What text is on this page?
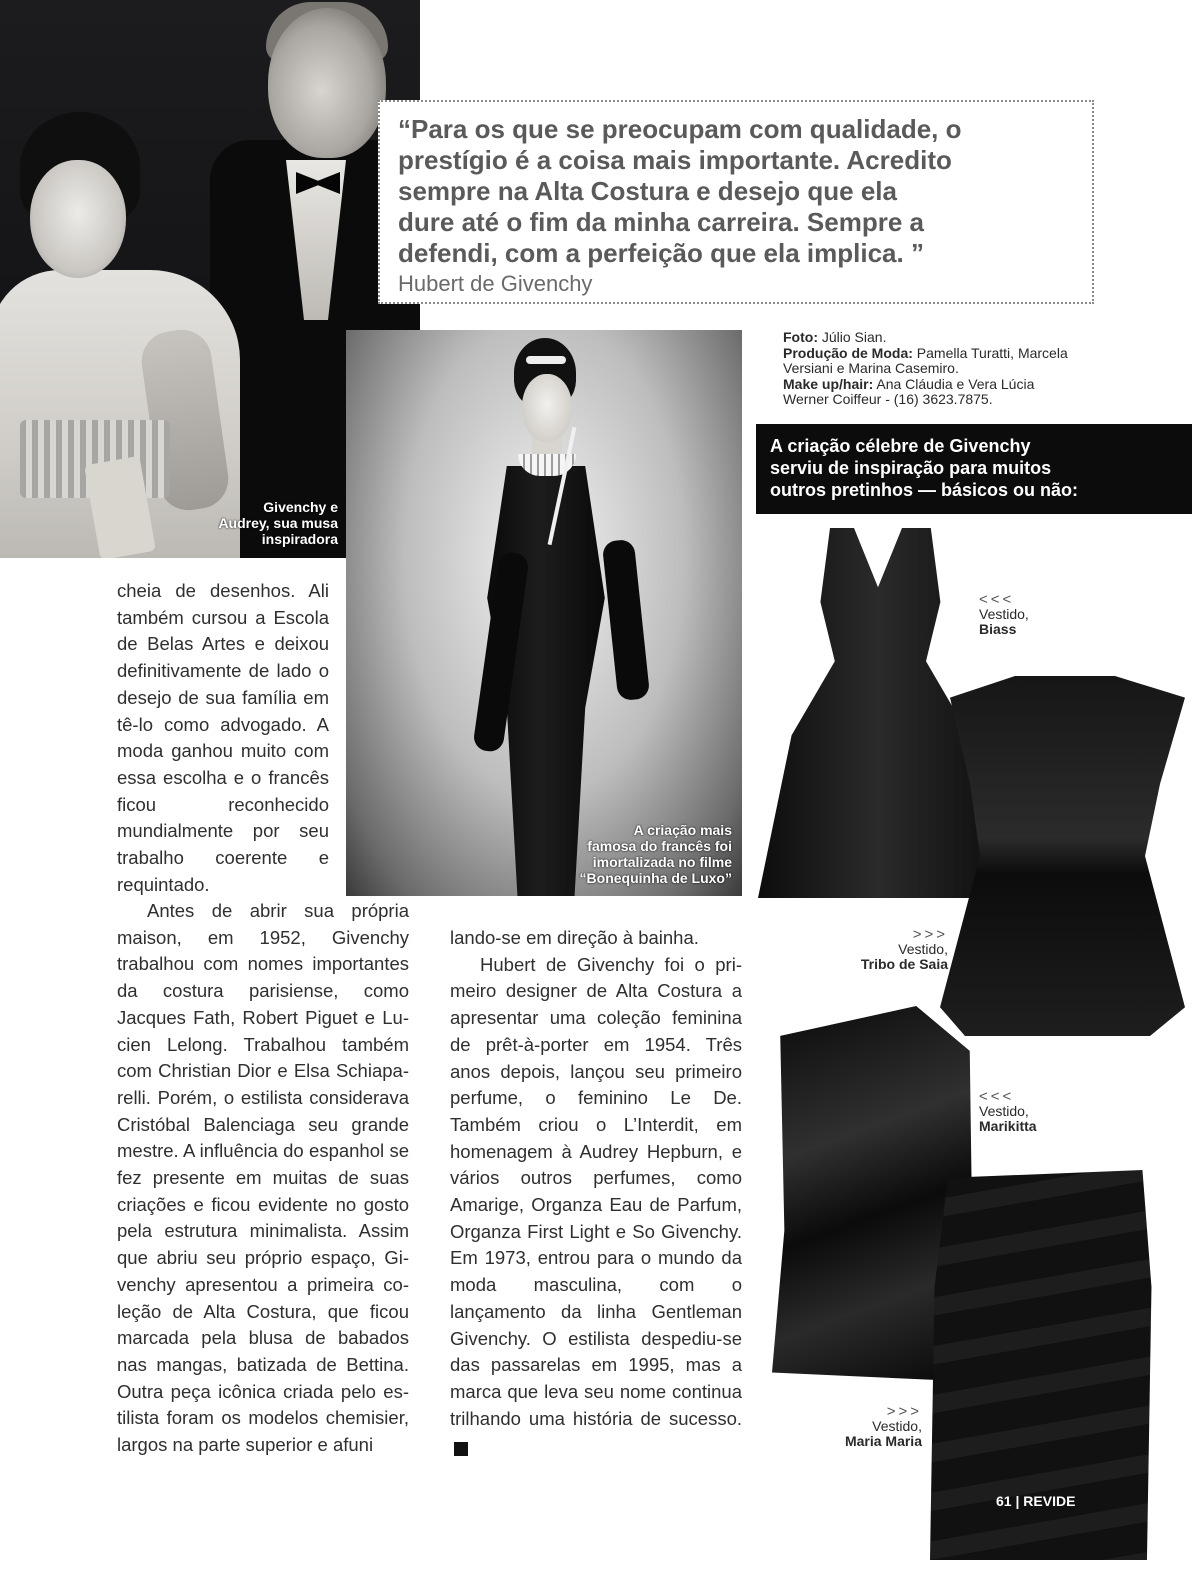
Givenchy e
Audrey, sua musa
inspiradora

“Para os que se preocupam com qualidade, o
prestígio é a coisa mais importante. Acredito
sempre na Alta Costura e desejo que ela
dure até o fim da minha carreira. Sempre a
defendi, com a perfeição que ela implica. ”

Hubert de Givenchy
A criação mais
famosa do francês foi
imortalizada no filme
“Bonequinha de Luxo”
Foto: Júlio Sian.
Produção de Moda: Pamella Turatti, Marcela Versiani e Marina Casemiro.
Make up/hair: Ana Cláudia e Vera Lúcia Werner Coiffeur - (16) 3623.7875.
A criação célebre de Givenchy
serviu de inspiração para muitos
outros pretinhos — básicos ou não:

cheia de desenhos. Ali também cursou a Escola de Belas Artes e deixou definitivamente de lado o desejo de sua família em tê-lo como advogado. A moda ganhou muito com essa escolha e o francês ficou reconhecido mundialmente por seu trabalho coerente e requintado.

Antes de abrir sua própria maison, em 1952, Givenchy trabalhou com nomes importantes da costura parisiense, como Jacques Fath, Robert Piguet e Lucien Lelong. Trabalhou também com Christian Dior e Elsa Schiaparelli. Porém, o estilista considerava Cristóbal Balenciaga seu grande mestre. A influência do espanhol se fez presente em muitas de suas criações e ficou evidente no gosto pela estrutura minimalista. Assim que abriu seu próprio espaço, Givenchy apresentou a primeira coleção de Alta Costura, que ficou marcada pela blusa de babados nas mangas, batizada de Bettina. Outra peça icônica criada pelo estilista foram os modelos chemisier, largos na parte superior e afuni

lando-se em direção à bainha.

Hubert de Givenchy foi o primeiro designer de Alta Costura a apresentar uma coleção feminina de prêt-à-porter em 1954. Três anos depois, lançou seu primeiro perfume, o feminino Le De. Também criou o L’Interdit, em homenagem à Audrey Hepburn, e vários outros perfumes, como Amarige, Organza Eau de Parfum, Organza First Light e So Givenchy. Em 1973, entrou para o mundo da moda masculina, com o lançamento da linha Gentleman Givenchy. O estilista despediu-se das passarelas em 1995, mas a marca que leva seu nome continua trilhando uma história de sucesso.r

<<<
Vestido,
Biass
>>>
Vestido,
Tribo de Saia
<<<
Vestido,
Marikitta
>>>
Vestido,
Maria Maria
61 | REVIDE
